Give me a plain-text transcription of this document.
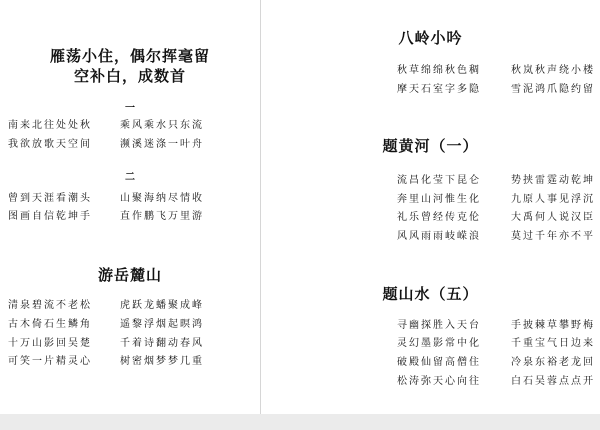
雁荡小住，偶尔挥毫留
空补白，成数首
一
南来北往处处秋	乘风乘水只东流
我欲放歌天空间	濒溪迷涤一叶舟
二
曾到天涯看潮头	山聚海纳尽情收
图画自信乾坤手	直作鹏飞万里游
游岳麓山
清泉碧流不老松	虎跃龙蟠聚成峰
古木倚石生鳞角	遥黎浮烟起暝鸿
十万山影回吴楚	千着诗翻动春风
可笑一片精灵心	树密烟梦梦几重
八岭小吟
秋草绵绵秋色稠	秋岚秋声绕小楼
摩天石室字多隐	雪泥鸿爪隐约留
题黄河（一）
流昌化莹下昆仑	势挟雷霆动乾坤
奔里山河惟生化	九原人事见浮沉
礼乐曾经传克伦	大禹何人说汉臣
风风雨雨岐嵘浪	莫过千年亦不平
题山水（五）
寻幽探胜入天台	手披棘草攀野梅
灵幻墨影常中化	千重宝气日边来
破殿仙留高僧住	冷泉东裕老龙回
松涛弥天心向往	白石吴蓉点点开
